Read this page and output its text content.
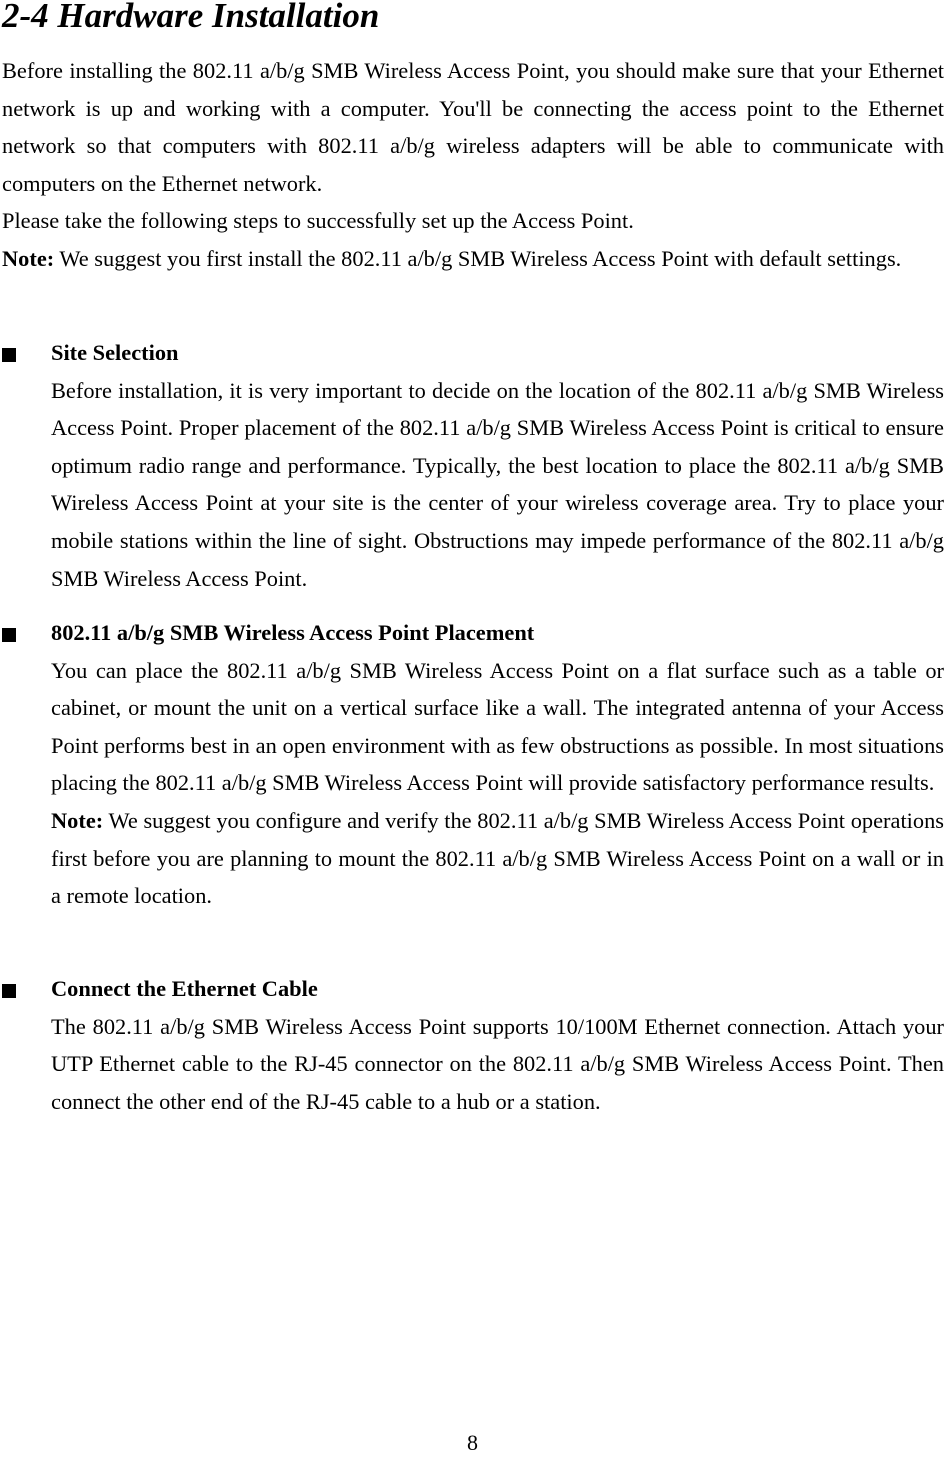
2-4 Hardware Installation

Before installing the 802.11 a/b/g SMB Wireless Access Point, you should make sure that your Ethernet network is up and working with a computer. You'll be connecting the access point to the Ethernet network so that computers with 802.11 a/b/g wireless adapters will be able to communicate with computers on the Ethernet network.

Please take the following steps to successfully set up the Access Point.

Note: We suggest you first install the 802.11 a/b/g SMB Wireless Access Point with default settings.

Site Selection

Before installation, it is very important to decide on the location of the 802.11 a/b/g SMB Wireless Access Point. Proper placement of the 802.11 a/b/g SMB Wireless Access Point is critical to ensure optimum radio range and performance. Typically, the best location to place the 802.11 a/b/g SMB Wireless Access Point at your site is the center of your wireless coverage area. Try to place your mobile stations within the line of sight. Obstructions may impede performance of the 802.11 a/b/g SMB Wireless Access Point.

802.11 a/b/g SMB Wireless Access Point Placement

You can place the 802.11 a/b/g SMB Wireless Access Point on a flat surface such as a table or cabinet, or mount the unit on a vertical surface like a wall. The integrated antenna of your Access Point performs best in an open environment with as few obstructions as possible. In most situations placing the 802.11 a/b/g SMB Wireless Access Point will provide satisfactory performance results.

Note: We suggest you configure and verify the 802.11 a/b/g SMB Wireless Access Point operations first before you are planning to mount the 802.11 a/b/g SMB Wireless Access Point on a wall or in a remote location.

Connect the Ethernet Cable

The 802.11 a/b/g SMB Wireless Access Point supports 10/100M Ethernet connection. Attach your UTP Ethernet cable to the RJ-45 connector on the 802.11 a/b/g SMB Wireless Access Point. Then connect the other end of the RJ-45 cable to a hub or a station.

8
